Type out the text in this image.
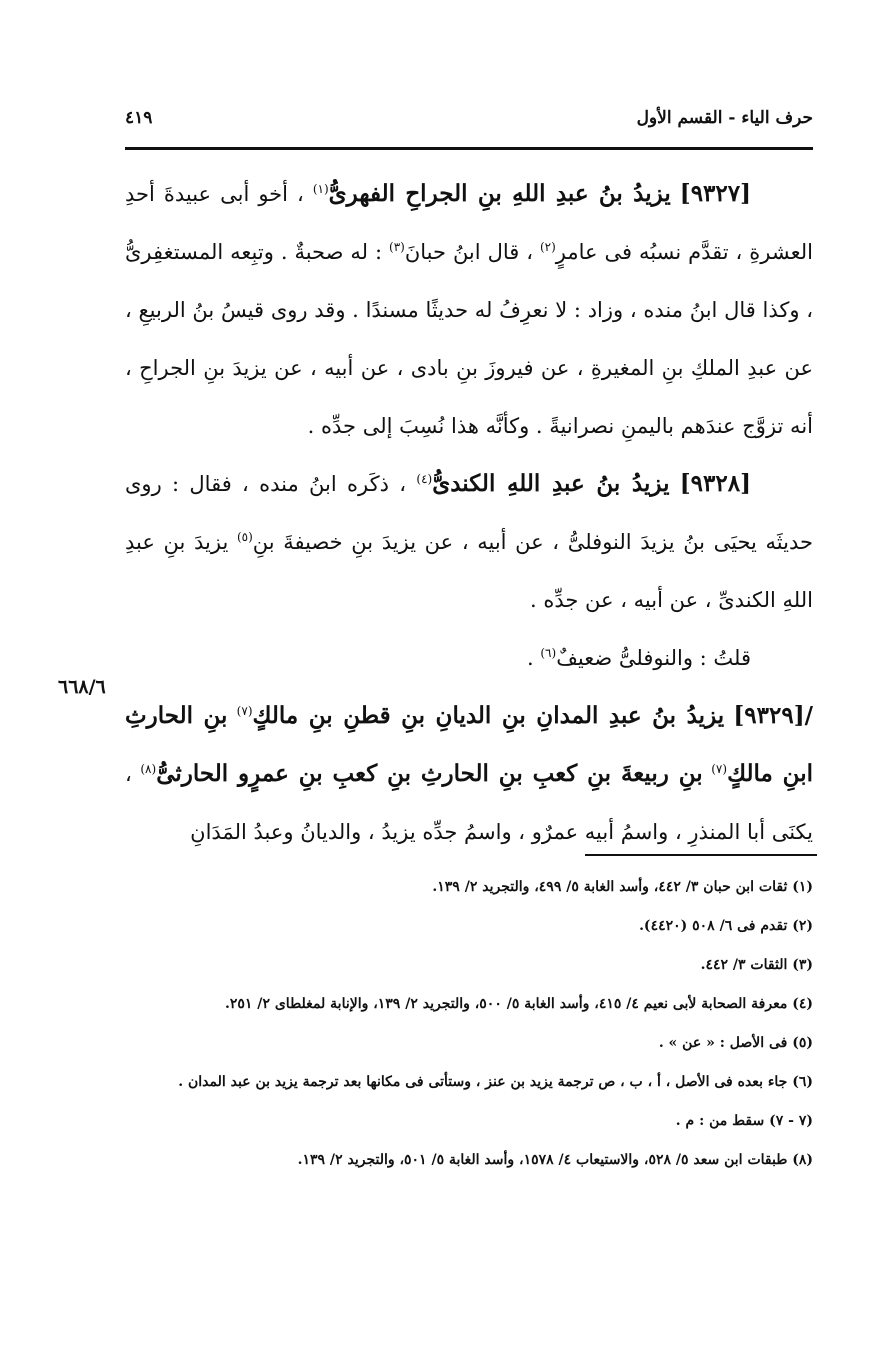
حرف الياء - القسم الأول
٤١٩
٦٦٨/٦

[٩٣٢٧] يزيدُ بنُ عبدِ اللهِ بنِ الجراحِ الفهرىُّ$^{(١)}$ ، أخو أبى عبيدةَ أحدِ العشرةِ ، تقدَّم نسبُه فى عامرٍ$^{(٢)}$ ، قال ابنُ حبانَ$^{(٣)}$ : له صحبةٌ . وتبِعه المستغفِرىُّ ، وكذا قال ابنُ منده ، وزاد : لا نعرِفُ له حديثًا مسندًا . وقد روى قيسُ بنُ الربيعِ ، عن عبدِ الملكِ بنِ المغيرةِ ، عن فيروزَ بنِ بادى ، عن أبيه ، عن يزيدَ بنِ الجراحِ ، أنه تزوَّج عندَهم باليمنِ نصرانيةً . وكأنَّه هذا نُسِبَ إلى جدِّه .

[٩٣٢٨] يزيدُ بنُ عبدِ اللهِ الكندىُّ$^{(٤)}$ ، ذكَره ابنُ منده ، فقال : روى حديثَه يحيَى بنُ يزيدَ النوفلىُّ ، عن أبيه ، عن يزيدَ بنِ خصيفةَ بنِ$^{(٥)}$ يزيدَ بنِ عبدِ اللهِ الكندىِّ ، عن أبيه ، عن جدِّه .

قلتُ : والنوفلىُّ ضعيفٌ$^{(٦)}$ .

/[٩٣٢٩] يزيدُ بنُ عبدِ المدانِ بنِ الديانِ بنِ قطنِ بنِ مالكٍ$^{(٧)}$ بنِ الحارثِ ابنِ مالكٍ$^{(٧)}$ بنِ ربيعةَ بنِ كعبِ بنِ الحارثِ بنِ كعبِ بنِ عمرٍو الحارثىُّ$^{(٨)}$ ، يكنَى أبا المنذرِ ، واسمُ أبيه عمرٌو ، واسمُ جدِّه يزيدُ ، والديانُ وعبدُ المَدَانِ

(١) ثقات ابن حبان ٣/ ٤٤٢، وأسد الغابة ٥/ ٤٩٩، والتجريد ٢/ ١٣٩.

(٢) تقدم فى ٦/ ٥٠٨ (٤٤٢٠).

(٣) الثقات ٣/ ٤٤٢.

(٤) معرفة الصحابة لأبى نعيم ٤/ ٤١٥، وأسد الغابة ٥/ ٥٠٠، والتجريد ٢/ ١٣٩، والإنابة لمغلطاى ٢/ ٢٥١.

(٥) فى الأصل : « عن » .

(٦) جاء بعده فى الأصل ، أ ، ب ، ص ترجمة يزيد بن عنز ، وستأتى فى مكانها بعد ترجمة يزيد بن عبد المدان .

(٧ - ٧) سقط من : م .

(٨) طبقات ابن سعد ٥/ ٥٢٨، والاستيعاب ٤/ ١٥٧٨، وأسد الغابة ٥/ ٥٠١، والتجريد ٢/ ١٣٩.
